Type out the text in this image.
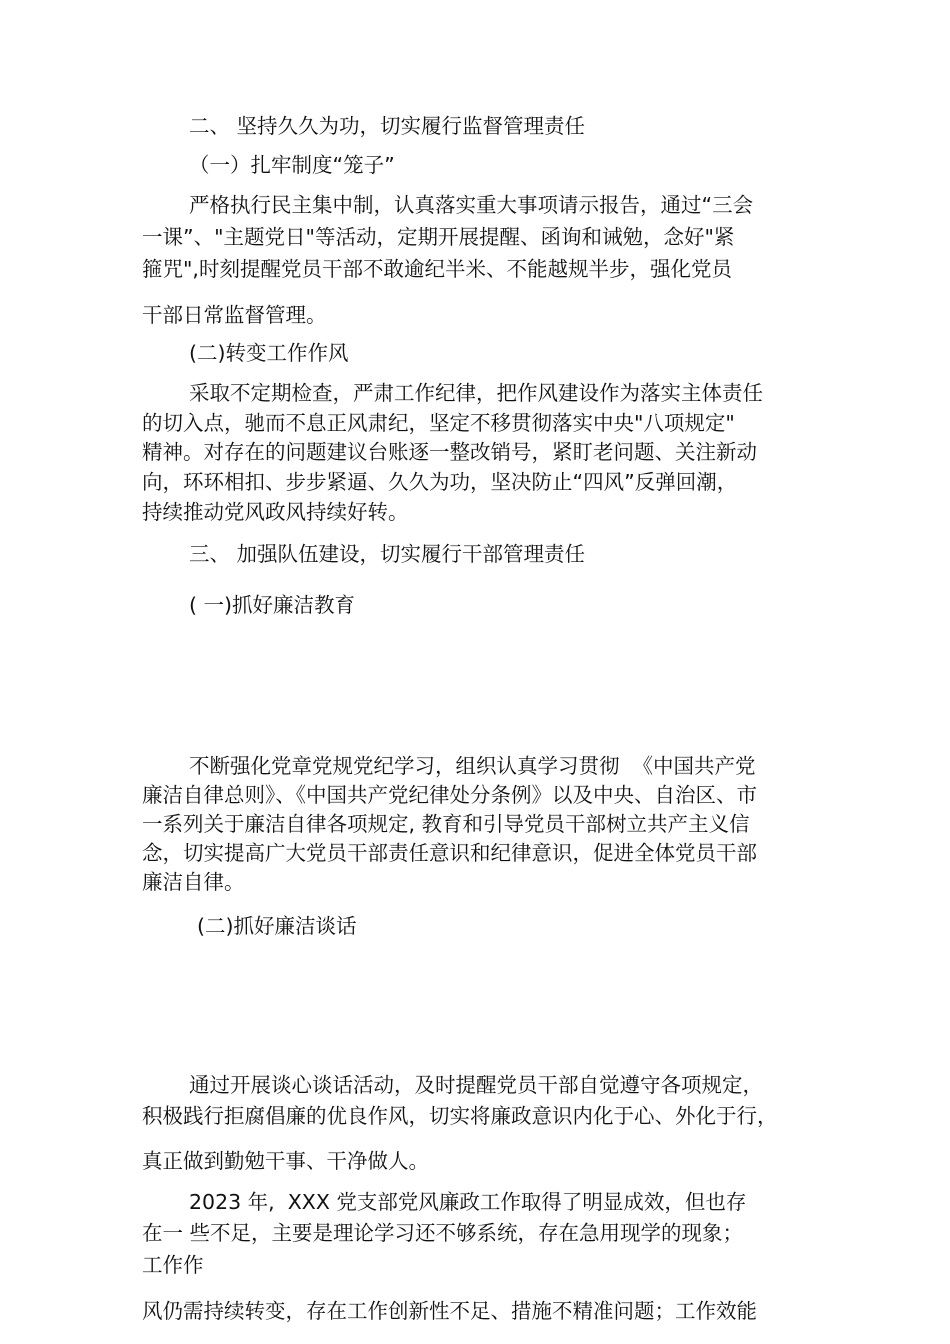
二、 坚持久久为功，切实履行监督管理责任
（一）扎牢制度“笼子”
严格执行民主集中制，认真落实重大事项请示报告，通过“三会
一课”、"主题党日"等活动，定期开展提醒、函询和诫勉，念好"紧
箍咒",时刻提醒党员干部不敢逾纪半米、不能越规半步，强化党员
干部日常监督管理。
(二)转变工作作风
采取不定期检查，严肃工作纪律，把作风建设作为落实主体责任
的切入点，驰而不息正风肃纪，坚定不移贯彻落实中央"八项规定"
精神。对存在的问题建议台账逐一整改销号，紧盯老问题、关注新动
向，环环相扣、步步紧逼、久久为功，坚决防止“四风”反弹回潮，
持续推动党风政风持续好转。
三、 加强队伍建设，切实履行干部管理责任
( 一)抓好廉洁教育
不断强化党章党规党纪学习，组织认真学习贯彻  《中国共产党
廉洁自律总则》、《中国共产党纪律处分条例》以及中央、自治区、市
一系列关于廉洁自律各项规定, 教育和引导党员干部树立共产主义信
念，切实提高广大党员干部责任意识和纪律意识，促进全体党员干部
廉洁自律。
(二)抓好廉洁谈话
通过开展谈心谈话活动，及时提醒党员干部自觉遵守各项规定，
积极践行拒腐倡廉的优良作风，切实将廉政意识内化于心、外化于行，
真正做到勤勉干事、干净做人。
2023 年,  XXX 党支部党风廉政工作取得了明显成效，但也存
在一 些不足，主要是理论学习还不够系统，存在急用现学的现象；
工作作
风仍需持续转变，存在工作创新性不足、措施不精准问题；工作效能
